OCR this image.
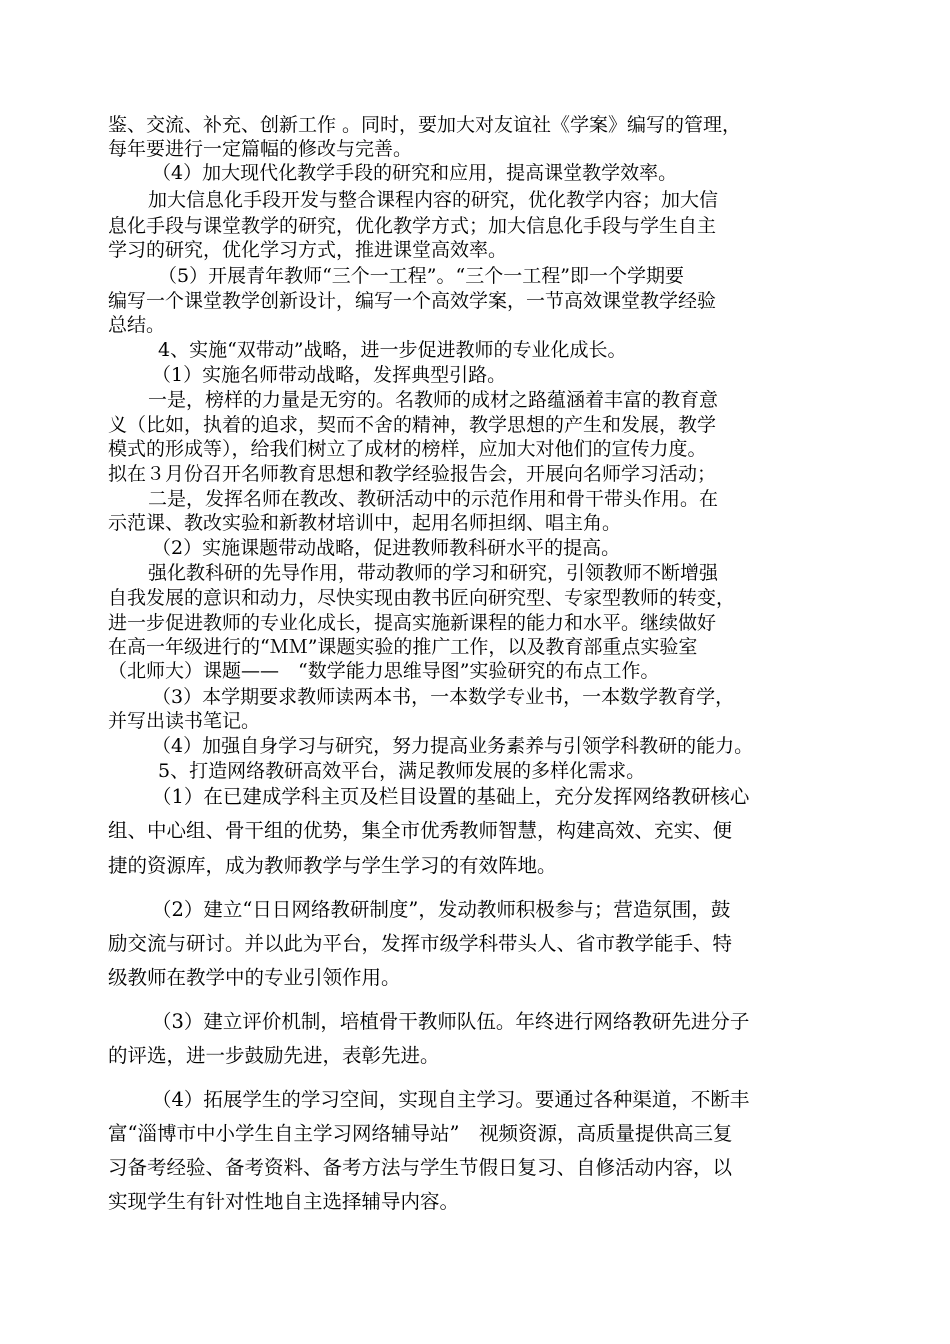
鉴、交流、补充、创新工作 。同时，要加大对友谊社《学案》编写的管理，
每年要进行一定篇幅的修改与完善。
（4）加大现代化教学手段的研究和应用，提高课堂教学效率。
加大信息化手段开发与整合课程内容的研究，优化教学内容；加大信
息化手段与课堂教学的研究，优化教学方式；加大信息化手段与学生自主
学习的研究，优化学习方式，推进课堂高效率。
（5）开展青年教师“三个一工程”。“三个一工程”即一个学期要
编写一个课堂教学创新设计，编写一个高效学案，一节高效课堂教学经验
总结。
4、实施“双带动”战略，进一步促进教师的专业化成长。
（1）实施名师带动战略，发挥典型引路。
一是，榜样的力量是无穷的。名教师的成材之路蕴涵着丰富的教育意
义（比如，执着的追求，契而不舍的精神，教学思想的产生和发展，教学
模式的形成等），给我们树立了成材的榜样，应加大对他们的宣传力度。
拟在３月份召开名师教育思想和教学经验报告会，开展向名师学习活动；
二是，发挥名师在教改、教研活动中的示范作用和骨干带头作用。在
示范课、教改实验和新教材培训中，起用名师担纲、唱主角。
（2）实施课题带动战略，促进教师教科研水平的提高。
强化教科研的先导作用，带动教师的学习和研究，引领教师不断增强
自我发展的意识和动力，尽快实现由教书匠向研究型、专家型教师的转变，
进一步促进教师的专业化成长，提高实施新课程的能力和水平。继续做好
在高一年级进行的“ＭＭ”课题实验的推广工作，以及教育部重点实验室
（北师大）课题——　“数学能力思维导图”实验研究的布点工作。
（3）本学期要求教师读两本书，一本数学专业书，一本数学教育学，
并写出读书笔记。
（4）加强自身学习与研究，努力提高业务素养与引领学科教研的能力。
5、打造网络教研高效平台，满足教师发展的多样化需求。
（1）在已建成学科主页及栏目设置的基础上，充分发挥网络教研核心
组、中心组、骨干组的优势，集全市优秀教师智慧，构建高效、充实、便
捷的资源库，成为教师教学与学生学习的有效阵地。
（2）建立“日日网络教研制度”，发动教师积极参与；营造氛围，鼓
励交流与研讨。并以此为平台，发挥市级学科带头人、省市教学能手、特
级教师在教学中的专业引领作用。
（3）建立评价机制，培植骨干教师队伍。年终进行网络教研先进分子
的评选，进一步鼓励先进，表彰先进。
（4）拓展学生的学习空间，实现自主学习。要通过各种渠道，不断丰
富“淄博市中小学生自主学习网络辅导站”　视频资源，高质量提供高三复
习备考经验、备考资料、备考方法与学生节假日复习、自修活动内容，以
实现学生有针对性地自主选择辅导内容。
